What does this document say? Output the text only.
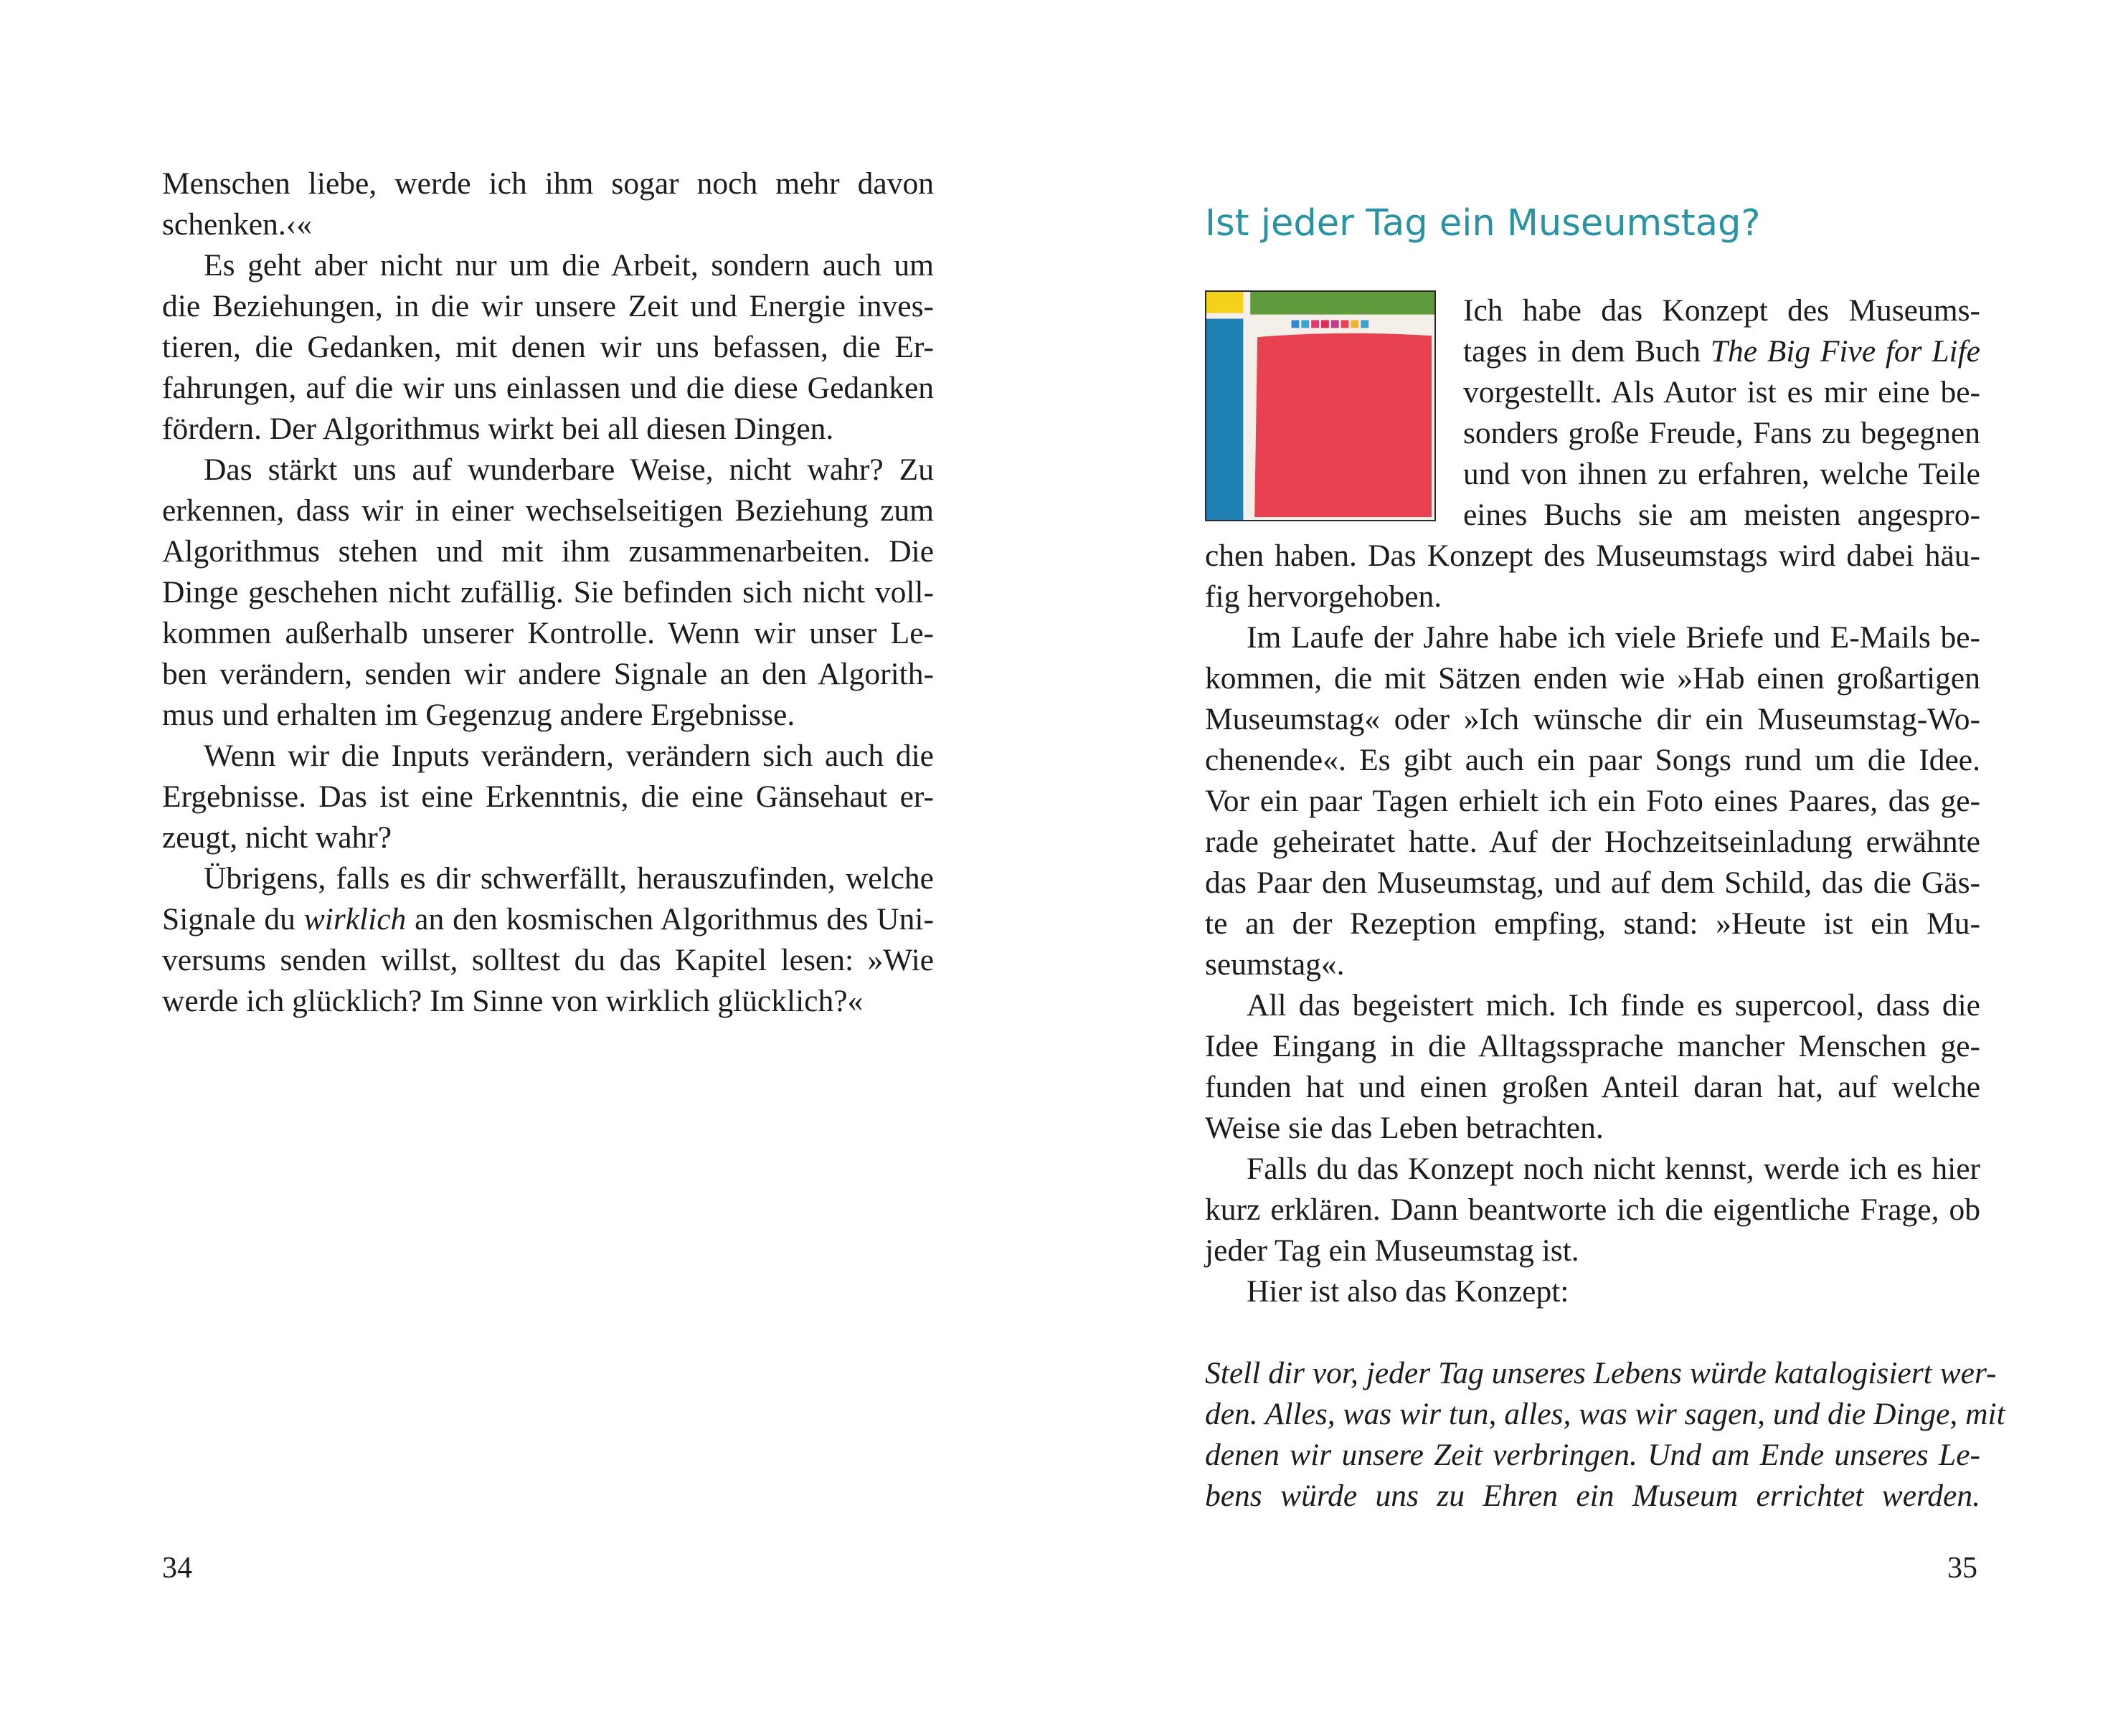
Menschen liebe, werde ich ihm sogar noch mehr davon
schenken.‹«
Es geht aber nicht nur um die Arbeit, sondern auch um
die Beziehungen, in die wir unsere Zeit und Energie inves-
tieren, die Gedanken, mit denen wir uns befassen, die Er-
fahrungen, auf die wir uns einlassen und die diese Gedanken
fördern. Der Algorithmus wirkt bei all diesen Dingen.
Das stärkt uns auf wunderbare Weise, nicht wahr? Zu
erkennen, dass wir in einer wechselseitigen Beziehung zum
Algorithmus stehen und mit ihm zusammenarbeiten. Die
Dinge geschehen nicht zufällig. Sie befinden sich nicht voll-
kommen außerhalb unserer Kontrolle. Wenn wir unser Le-
ben verändern, senden wir andere Signale an den Algorith-
mus und erhalten im Gegenzug andere Ergebnisse.
Wenn wir die Inputs verändern, verändern sich auch die
Ergebnisse. Das ist eine Erkenntnis, die eine Gänsehaut er-
zeugt, nicht wahr?
Übrigens, falls es dir schwerfällt, herauszufinden, welche
Signale du wirklich an den kosmischen Algorithmus des Uni-
versums senden willst, solltest du das Kapitel lesen: »Wie
werde ich glücklich? Im Sinne von wirklich glücklich?«
34
Ist jeder Tag ein Museumstag?
Ich habe das Konzept des Museums-
tages in dem Buch The Big Five for Life
vorgestellt. Als Autor ist es mir eine be-
sonders große Freude, Fans zu begegnen
und von ihnen zu erfahren, welche Teile
eines Buchs sie am meisten angespro-
chen haben. Das Konzept des Museumstags wird dabei häu-
fig hervorgehoben.
Im Laufe der Jahre habe ich viele Briefe und E-Mails be-
kommen, die mit Sätzen enden wie »Hab einen großartigen
Museumstag« oder »Ich wünsche dir ein Museumstag-Wo-
chenende«. Es gibt auch ein paar Songs rund um die Idee.
Vor ein paar Tagen erhielt ich ein Foto eines Paares, das ge-
rade geheiratet hatte. Auf der Hochzeitseinladung erwähnte
das Paar den Museumstag, und auf dem Schild, das die Gäs-
te an der Rezeption empfing, stand: »Heute ist ein Mu-
seumstag«.
All das begeistert mich. Ich finde es supercool, dass die
Idee Eingang in die Alltagssprache mancher Menschen ge-
funden hat und einen großen Anteil daran hat, auf welche
Weise sie das Leben betrachten.
Falls du das Konzept noch nicht kennst, werde ich es hier
kurz erklären. Dann beantworte ich die eigentliche Frage, ob
jeder Tag ein Museumstag ist.
Hier ist also das Konzept:
Stell dir vor, jeder Tag unseres Lebens würde katalogisiert wer-
den. Alles, was wir tun, alles, was wir sagen, und die Dinge, mit
denen wir unsere Zeit verbringen. Und am Ende unseres Le-
bens würde uns zu Ehren ein Museum errichtet werden.
35
